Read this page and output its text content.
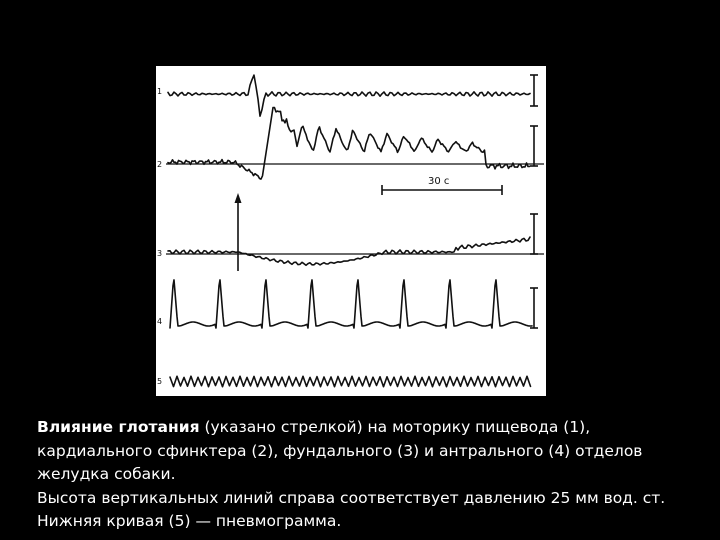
1
2
3
4
5
30 с

Влияние глотания (указано стрелкой) на моторику пищевода (1),

кардиального сфинктера (2), фундального (3) и антрального (4) отделов

желудка собаки.

Высота вертикальных линий справа соответствует давлению 25 мм вод. ст.

Нижняя кривая (5) — пневмограмма.
